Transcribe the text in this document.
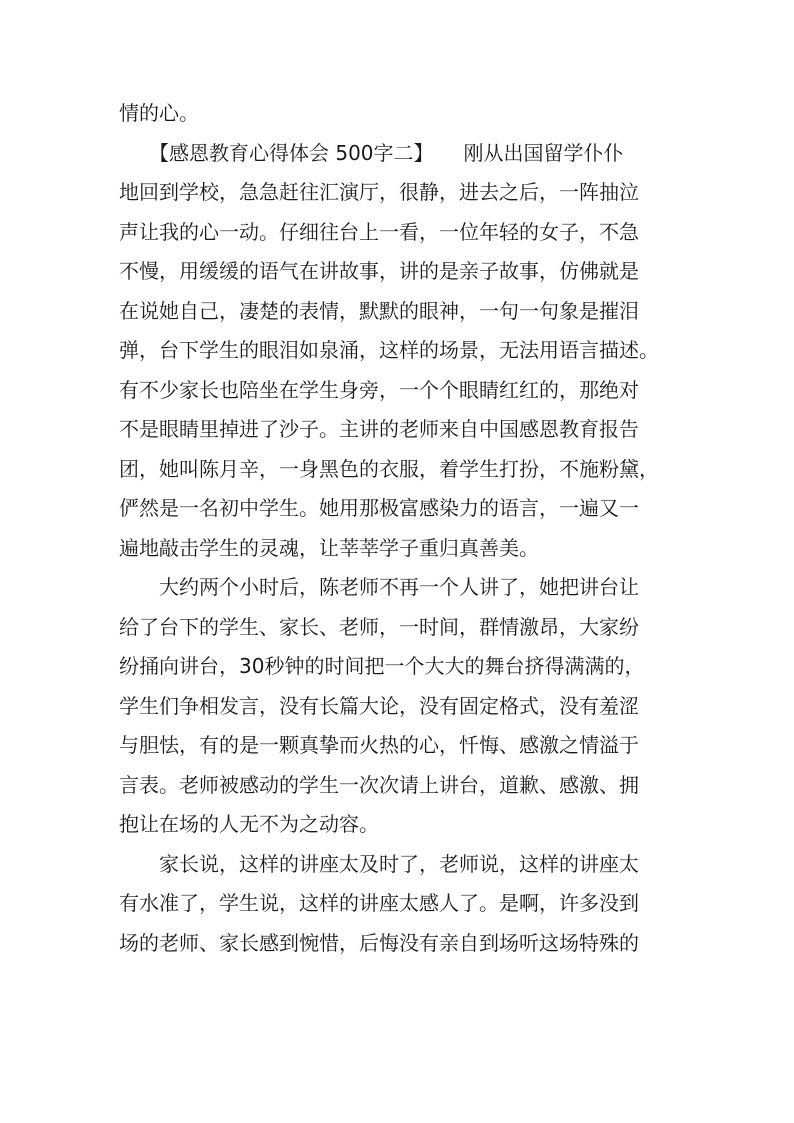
情的心。
　　【感恩教育心得体会 500字二】　　刚从出国留学仆仆
地回到学校，急急赶往汇演厅，很静，进去之后，一阵抽泣
声让我的心一动。仔细往台上一看，一位年轻的女子，不急
不慢，用缓缓的语气在讲故事，讲的是亲子故事，仿佛就是
在说她自己，凄楚的表情，默默的眼神，一句一句象是摧泪
弹，台下学生的眼泪如泉涌，这样的场景，无法用语言描述。
有不少家长也陪坐在学生身旁，一个个眼睛红红的，那绝对
不是眼睛里掉进了沙子。主讲的老师来自中国感恩教育报告
团，她叫陈月辛，一身黑色的衣服，着学生打扮，不施粉黛，
俨然是一名初中学生。她用那极富感染力的语言，一遍又一
遍地敲击学生的灵魂，让莘莘学子重归真善美。
　　大约两个小时后，陈老师不再一个人讲了，她把讲台让
给了台下的学生、家长、老师，一时间，群情激昂，大家纷
纷捅向讲台，30秒钟的时间把一个大大的舞台挤得满满的，
学生们争相发言，没有长篇大论，没有固定格式，没有羞涩
与胆怯，有的是一颗真挚而火热的心，忏悔、感激之情溢于
言表。老师被感动的学生一次次请上讲台，道歉、感激、拥
抱让在场的人无不为之动容。
　　家长说，这样的讲座太及时了，老师说，这样的讲座太
有水准了，学生说，这样的讲座太感人了。是啊，许多没到
场的老师、家长感到惋惜，后悔没有亲自到场听这场特殊的
